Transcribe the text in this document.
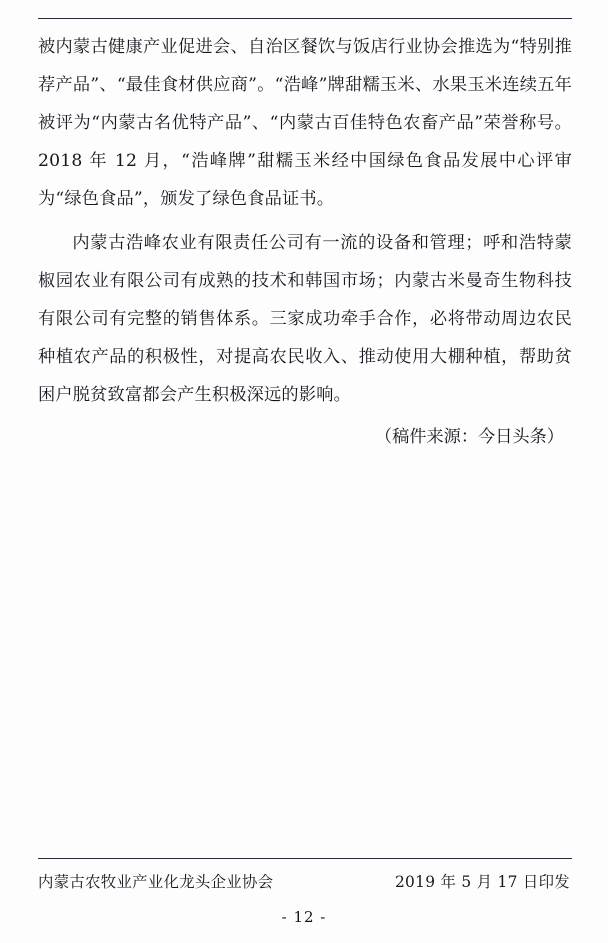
被内蒙古健康产业促进会、自治区餐饮与饭店行业协会推选为“特别推荐产品”、“最佳食材供应商”。“浩峰”牌甜糯玉米、水果玉米连续五年被评为“内蒙古名优特产品”、“内蒙古百佳特色农畜产品”荣誉称号。2018 年 12 月，“浩峰牌”甜糯玉米经中国绿色食品发展中心评审为“绿色食品”，颁发了绿色食品证书。

内蒙古浩峰农业有限责任公司有一流的设备和管理；呼和浩特蒙椒园农业有限公司有成熟的技术和韩国市场；内蒙古米曼奇生物科技有限公司有完整的销售体系。三家成功牵手合作，必将带动周边农民种植农产品的积极性，对提高农民收入、推动使用大棚种植，帮助贫困户脱贫致富都会产生积极深远的影响。

（稿件来源：今日头条）
内蒙古农牧业产业化龙头企业协会	2019 年 5 月 17 日印发
- 12 -
